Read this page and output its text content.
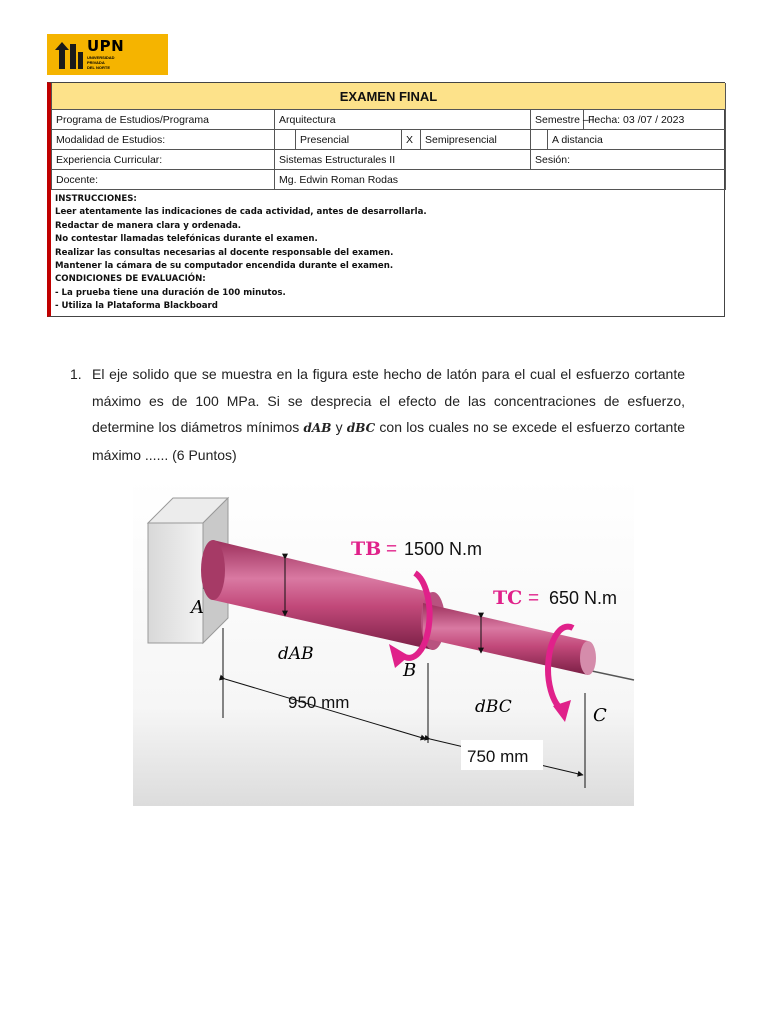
UPN
UNIVERSIDAD
PRIVADA
DEL NORTE
EXAMEN FINAL							
Programa de Estudios/Programa	Arquitectura				Semestre – I		Fecha: 03 /07 / 2023
Modalidad de Estudios:		Presencial	X	Semipresencial		A distancia	
Experiencia Curricular:	Sistemas Estructurales II				Sesión:		
Docente:	Mg. Edwin Roman Rodas						
INSTRUCCIONES:
Leer atentamente las indicaciones de cada actividad, antes de desarrollarla.
Redactar de manera clara y ordenada.
No contestar llamadas telefónicas durante el examen.
Realizar las consultas necesarias al docente responsable del examen.
Mantener la cámara de su computador encendida durante el examen.
CONDICIONES DE EVALUACIÓN:
- La prueba tiene una duración de 100 minutos.
- Utiliza la Plataforma Blackboard
1. El eje solido que se muestra en la figura este hecho de latón para el cual el esfuerzo cortante máximo es de 100 MPa. Si se desprecia el efecto de las concentraciones de esfuerzo, determine los diámetros mínimos dAB y dBC con los cuales no se excede el esfuerzo cortante máximo ...... (6 Puntos)
A
B
C
dAB
dBC
TB = 1500 N.m
TC = 650 N.m
950 mm
750 mm
